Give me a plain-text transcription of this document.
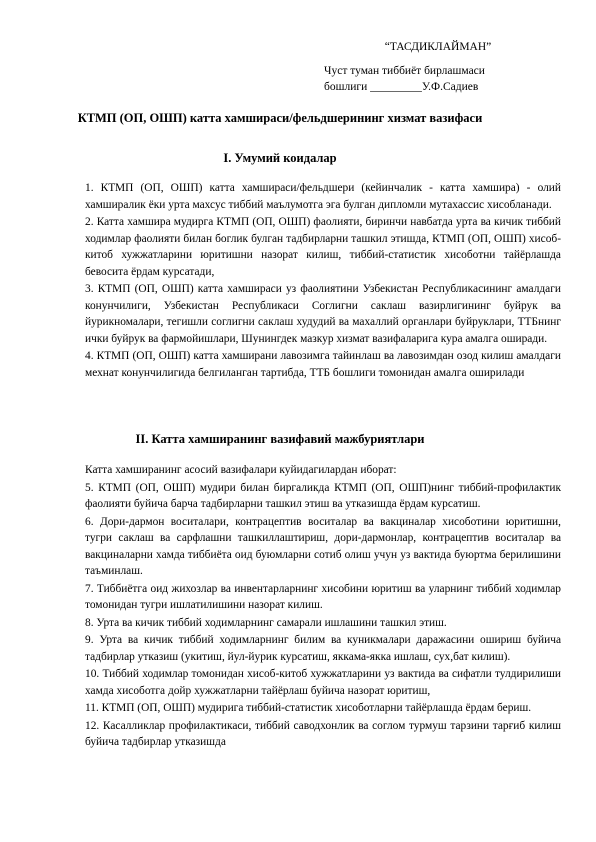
“ТАСДИКЛАЙМАН”
Чуст туман тиббиёт бирлашмаси
бошлиги _________У.Ф.Садиев
КТМП (ОП, ОШП) катта хамшираси/фельдшерининг хизмат вазифаси
I. Умумий коидалар

1. КТМП (ОП, ОШП) катта хамшираси/фельдшери (кейинчалик - катта хамшира) - олий хамширалик ёки урта махсус тиббий маълумотга эга булган дипломли мутахассис хисобланади.

2. Катта хамшира мудирга КТМП (ОП, ОШП) фаолияти, биринчи навбатда урта ва кичик тиббий ходимлар фаолияти билан боглик булган тадбирларни ташкил этишда, КТМП (ОП, ОШП) хисоб-китоб хужжатларини юритишни назорат килиш, тиббий-статистик хисоботни тайёрлашда бевосита ёрдам курсатади,

3. КТМП (ОП, ОШП) катта хамшираси уз фаолиятини Узбекистан Республикасининг амалдаги конунчилиги, Узбекистан Республикаси Соглигни саклаш вазирлигининг буйрук ва йурикномалари, тегишли соглигни саклаш худудий ва махаллий органлари буйруклари, ТТБнинг ички буйрук ва фармойишлари, Шунингдек мазкур хизмат вазифаларига кура амалга оширади.

4. КТМП (ОП, ОШП) катта хамширани лавозимга тайинлаш ва лавозимдан озод килиш амалдаги мехнат конунчилигида белгиланган тартибда, ТТБ бошлиги томонидан амалга оширилади

II. Катта хамширанинг вазифавий мажбуриятлари

Катта хамширанинг асосий вазифалари куйидагилардан иборат:

5. КТМП (ОП, ОШП) мудири билан биргаликда КТМП (ОП, ОШП)нинг тиббий-профилактик фаолияти буйича барча тадбирларни ташкил этиш ва утказишда ёрдам курсатиш.

6. Дори-дармон воситалари, контрацептив воситалар ва вакциналар хисоботини юритишни, тугри саклаш ва сарфлашни ташкиллаштириш, дори-дармонлар, контрацептив воситалар ва вакциналарни хамда тиббиёта оид буюмларни сотиб олиш учун уз вактида буюртма берилишини таъминлаш.

7. Тиббиётга оид жихозлар ва инвентарларнинг хисобини юритиш ва уларнинг тиббий ходимлар томонидан тугри ишлатилишини назорат килиш.

8. Урта ва кичик тиббий ходимларнинг самарали ишлашини ташкил этиш.

9. Урта ва кичик тиббий ходимларнинг билим ва куникмалари даражасини ошириш буйича тадбирлар утказиш (укитиш, йул-йурик курсатиш, яккама-якка ишлаш, сух,бат килиш).

10. Тиббий ходимлар томонидан хисоб-китоб хужжатларини уз вактида ва сифатли тулдирилиши хамда хисоботга дойр хужжатларни тайёрлаш буйича назорат юритиш,

11. КТМП (ОП, ОШП) мудирига тиббий-статистик хисоботларни тайёрлашда ёрдам бериш.

12. Касалликлар профилактикаси, тиббий саводхонлик ва соглом турмуш тарзини тарғиб килиш буйича тадбирлар утказишда
